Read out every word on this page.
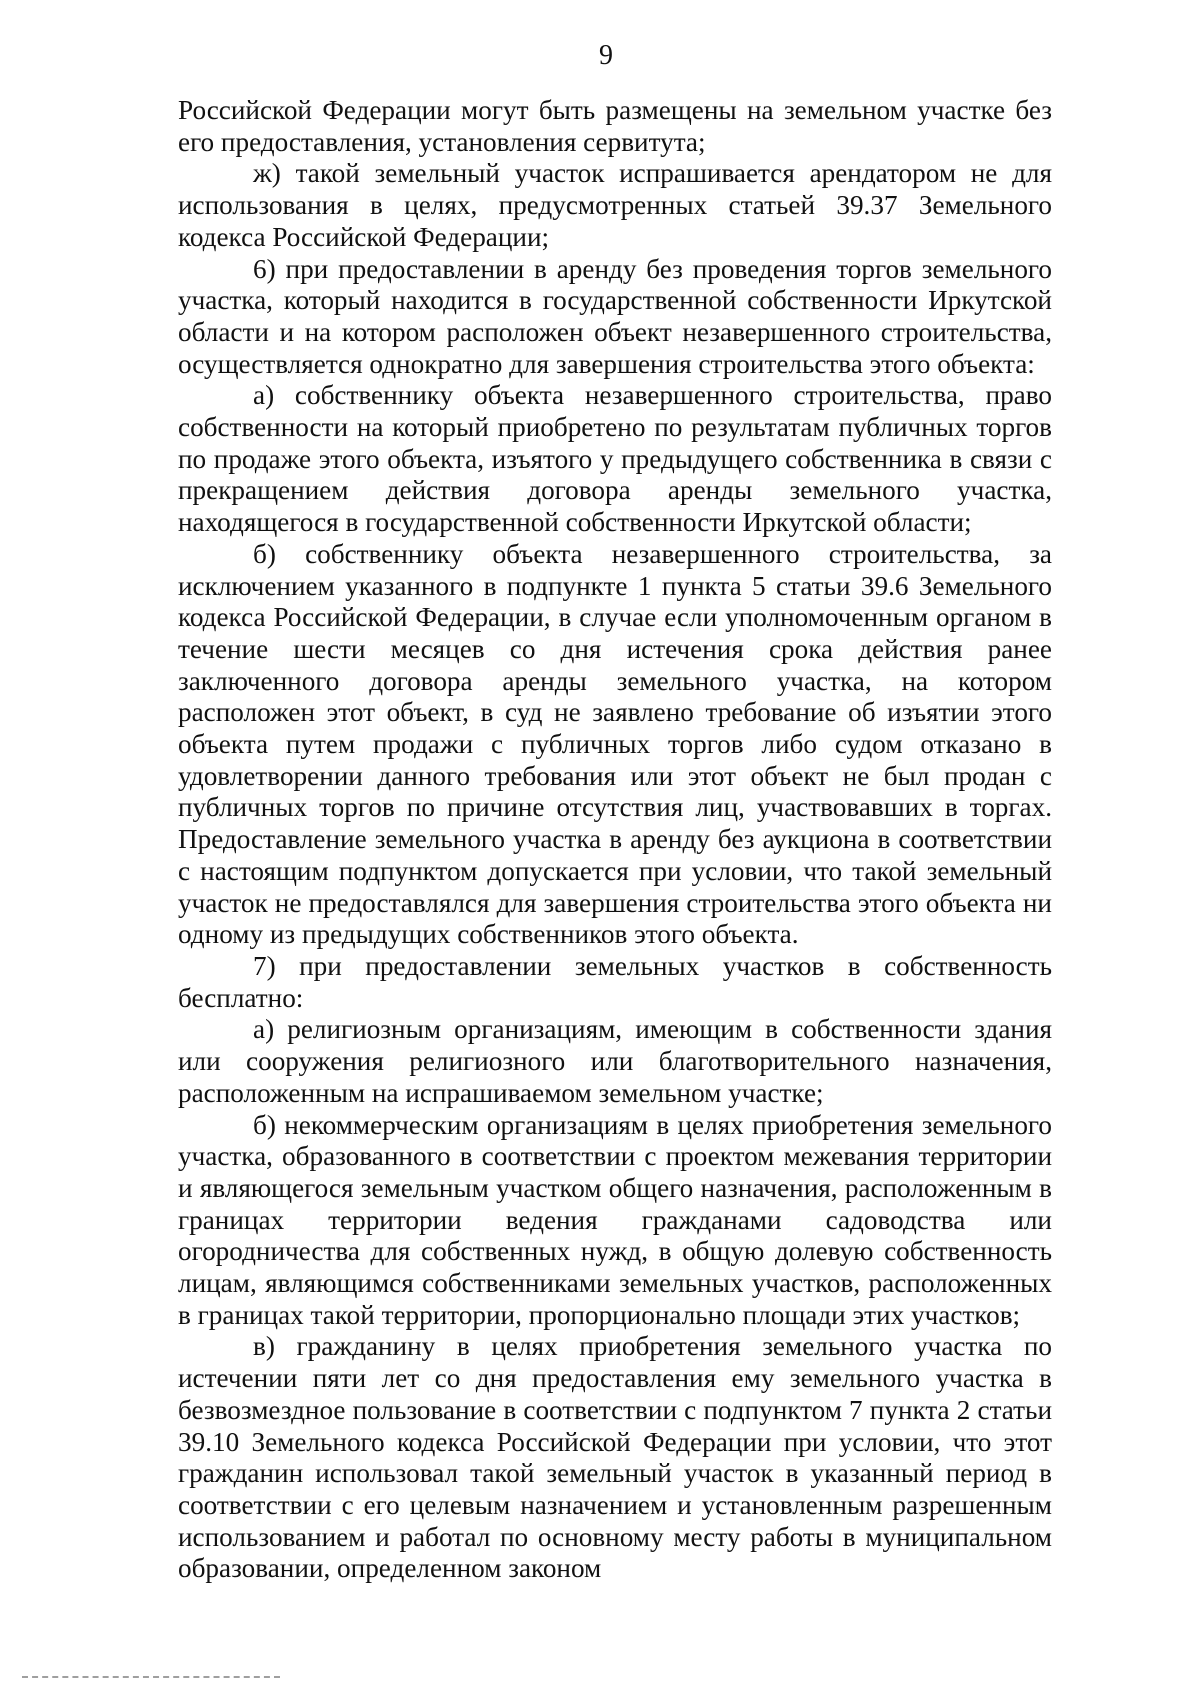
9

Российской Федерации могут быть размещены на земельном участке без его предоставления, установления сервитута;

ж) такой земельный участок испрашивается арендатором не для использования в целях, предусмотренных статьей 39.37 Земельного кодекса Российской Федерации;

6) при предоставлении в аренду без проведения торгов земельного участка, который находится в государственной собственности Иркутской области и на котором расположен объект незавершенного строительства, осуществляется однократно для завершения строительства этого объекта:

а) собственнику объекта незавершенного строительства, право собственности на который приобретено по результатам публичных торгов по продаже этого объекта, изъятого у предыдущего собственника в связи с прекращением действия договора аренды земельного участка, находящегося в государственной собственности Иркутской области;

б) собственнику объекта незавершенного строительства, за исключением указанного в подпункте 1 пункта 5 статьи 39.6 Земельного кодекса Российской Федерации, в случае если уполномоченным органом в течение шести месяцев со дня истечения срока действия ранее заключенного договора аренды земельного участка, на котором расположен этот объект, в суд не заявлено требование об изъятии этого объекта путем продажи с публичных торгов либо судом отказано в удовлетворении данного требования или этот объект не был продан с публичных торгов по причине отсутствия лиц, участвовавших в торгах. Предоставление земельного участка в аренду без аукциона в соответствии с настоящим подпунктом допускается при условии, что такой земельный участок не предоставлялся для завершения строительства этого объекта ни одному из предыдущих собственников этого объекта.

7) при предоставлении земельных участков в собственность бесплатно:

а) религиозным организациям, имеющим в собственности здания или сооружения религиозного или благотворительного назначения, расположенным на испрашиваемом земельном участке;

б) некоммерческим организациям в целях приобретения земельного участка, образованного в соответствии с проектом межевания территории и являющегося земельным участком общего назначения, расположенным в границах территории ведения гражданами садоводства или огородничества для собственных нужд, в общую долевую собственность лицам, являющимся собственниками земельных участков, расположенных в границах такой территории, пропорционально площади этих участков;

в) гражданину в целях приобретения земельного участка по истечении пяти лет со дня предоставления ему земельного участка в безвозмездное пользование в соответствии с подпунктом 7 пункта 2 статьи 39.10 Земельного кодекса Российской Федерации при условии, что этот гражданин использовал такой земельный участок в указанный период в соответствии с его целевым назначением и установленным разрешенным использованием и работал по основному месту работы в муниципальном образовании, определенном законом
